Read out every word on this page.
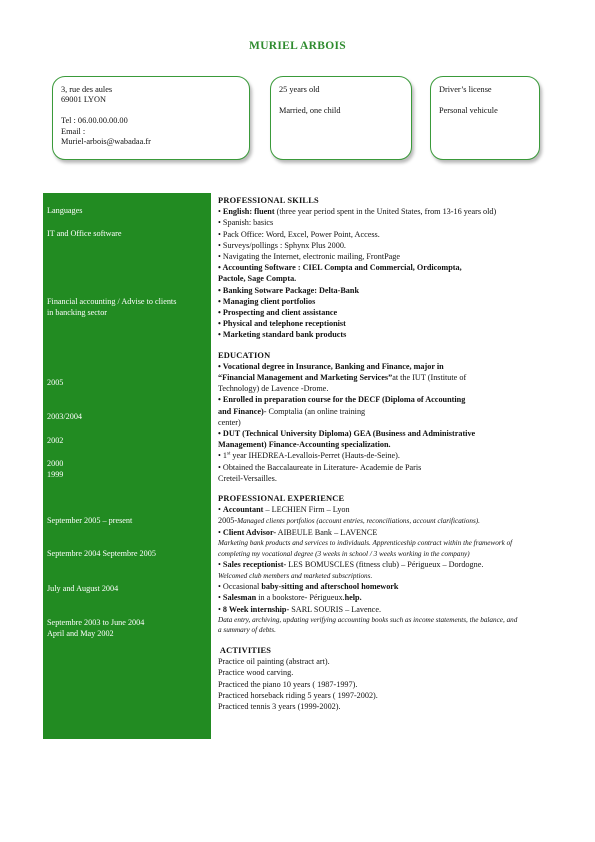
MURIEL ARBOIS
3, rue des aules
69001 LYON
Tel : 06.00.00.00.00
Email :
Muriel-arbois@wabadaa.fr
25 years old
Married, one child
Driver’s license
Personal vehicule
Languages
IT and Office software
Financial accounting / Advise to clients
in bancking sector
2005
2003/2004
2002
2000
1999
September 2005 – present
Septembre 2004 Septembre 2005
July and August 2004
Septembre 2003 to June 2004
April and May 2002
PROFESSIONAL SKILLS
• English: fluent (three year period spent in the United States, from 13-16 years old)
• Spanish: basics
• Pack Office: Word, Excel, Power Point, Access.
• Surveys/pollings : Sphynx Plus 2000.
• Navigating the Internet, electronic mailing, FrontPage
• Accounting Software : CIEL Compta and Commercial, Ordicompta,
Pactole, Sage Compta.
• Banking Sotware Package: Delta-Bank
• Managing client portfolios
• Prospecting and client assistance
• Physical and telephone receptionist
• Marketing standard bank products
EDUCATION
• Vocational degree in Insurance, Banking and Finance, major in
“Financial Management and Marketing Services”at the IUT (Institute of
Technology) de Lavence -Drome.
• Enrolled in preparation course for the DECF (Diploma of Accounting
and Finance)- Comptalia (an online training
center)
• DUT (Technical University Diploma) GEA (Business and Administrative
Management) Finance-Accounting specialization.
• 1st year IHEDREA-Levallois-Perret (Hauts-de-Seine).
• Obtained the Baccalaureate in Literature- Academie de Paris
Creteil-Versailles.
PROFESSIONAL EXPERIENCE
• Accountant – LECHIEN Firm – Lyon
2005-Managed clients portfolios (account entries, reconciliations, account clarifications).
• Client Advisor- AIBEULE Bank – LAVENCE
Marketing bank products and services to individuals. Apprenticeship contract within the framework of
completing my vocational degree (3 weeks in school / 3 weeks working in the company)
• Sales receptionist- LES BOMUSCLES (fitness club) – Périgueux – Dordogne.
Welcomed club members and marketed subscriptions.
• Occasional baby-sitting and afterschool homework
• Salesman in a bookstore- Périgueux.help.
• 8 Week internship- SARL SOURIS – Lavence.
Data entry, archiving, updating verifying accounting books such as income statements, the balance, and
a summary of debts.
ACTIVITIES
Practice oil painting (abstract art).
Practice wood carving.
Practiced the piano 10 years ( 1987-1997).
Practiced horseback riding 5 years ( 1997-2002).
Practiced tennis 3 years (1999-2002).
